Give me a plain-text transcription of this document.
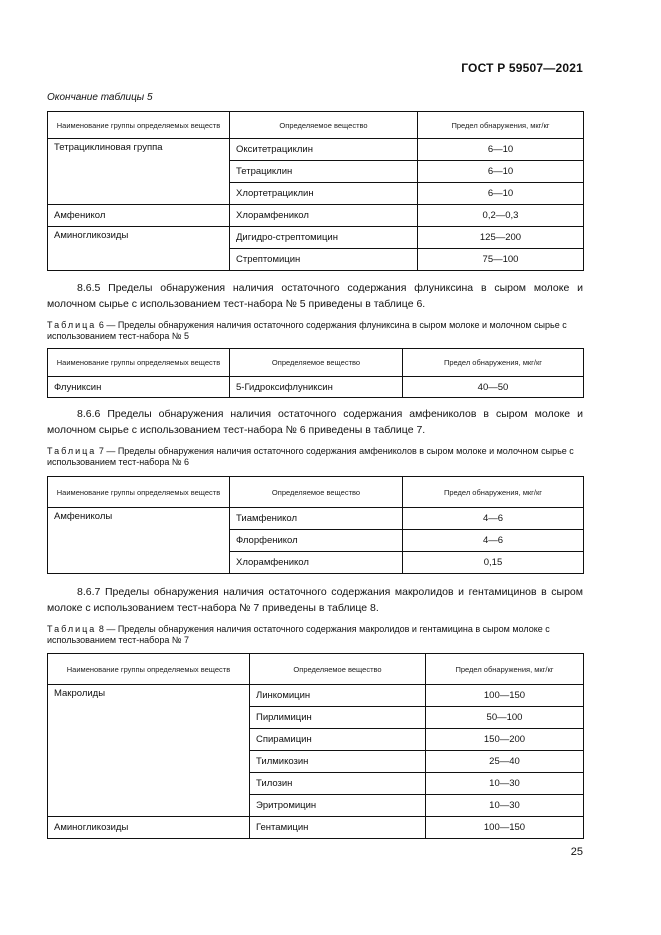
ГОСТ Р 59507—2021
Окончание таблицы 5
Наименование группы определяемых веществ	Определяемое вещество	Предел обнаружения, мкг/кг
Тетрациклиновая группа	Окситетрациклин	6—10
	Тетрациклин	6—10
	Хлортетрациклин	6—10
Амфеникол	Хлорамфеникол	0,2—0,3
Аминогликозиды	Дигидро-стрептомицин	125—200
	Стрептомицин	75—100
8.6.5 Пределы обнаружения наличия остаточного содержания флуниксина в сыром молоке и молочном сырье с использованием тест-набора № 5 приведены в таблице 6.
Таблица 6 — Пределы обнаружения наличия остаточного содержания флуниксина в сыром молоке и молочном сырье с использованием тест-набора № 5
Наименование группы определяемых веществ	Определяемое вещество	Предел обнаружения, мкг/кг
Флуниксин	5-Гидроксифлуниксин	40—50
8.6.6 Пределы обнаружения наличия остаточного содержания амфениколов в сыром молоке и молочном сырье с использованием тест-набора № 6 приведены в таблице 7.
Таблица 7 — Пределы обнаружения наличия остаточного содержания амфениколов в сыром молоке и молочном сырье с использованием тест-набора № 6
Наименование группы определяемых веществ	Определяемое вещество	Предел обнаружения, мкг/кг
Амфениколы	Тиамфеникол	4—6
	Флорфеникол	4—6
	Хлорамфеникол	0,15
8.6.7 Пределы обнаружения наличия остаточного содержания макролидов и гентамицинов в сыром молоке с использованием тест-набора № 7 приведены в таблице 8.
Таблица 8 — Пределы обнаружения наличия остаточного содержания макролидов и гентамицина в сыром молоке с использованием тест-набора № 7
Наименование группы определяемых веществ	Определяемое вещество	Предел обнаружения, мкг/кг
Макролиды	Линкомицин	100—150
	Пирлимицин	50—100
	Спирамицин	150—200
	Тилмикозин	25—40
	Тилозин	10—30
	Эритромицин	10—30
Аминогликозиды	Гентамицин	100—150
25
